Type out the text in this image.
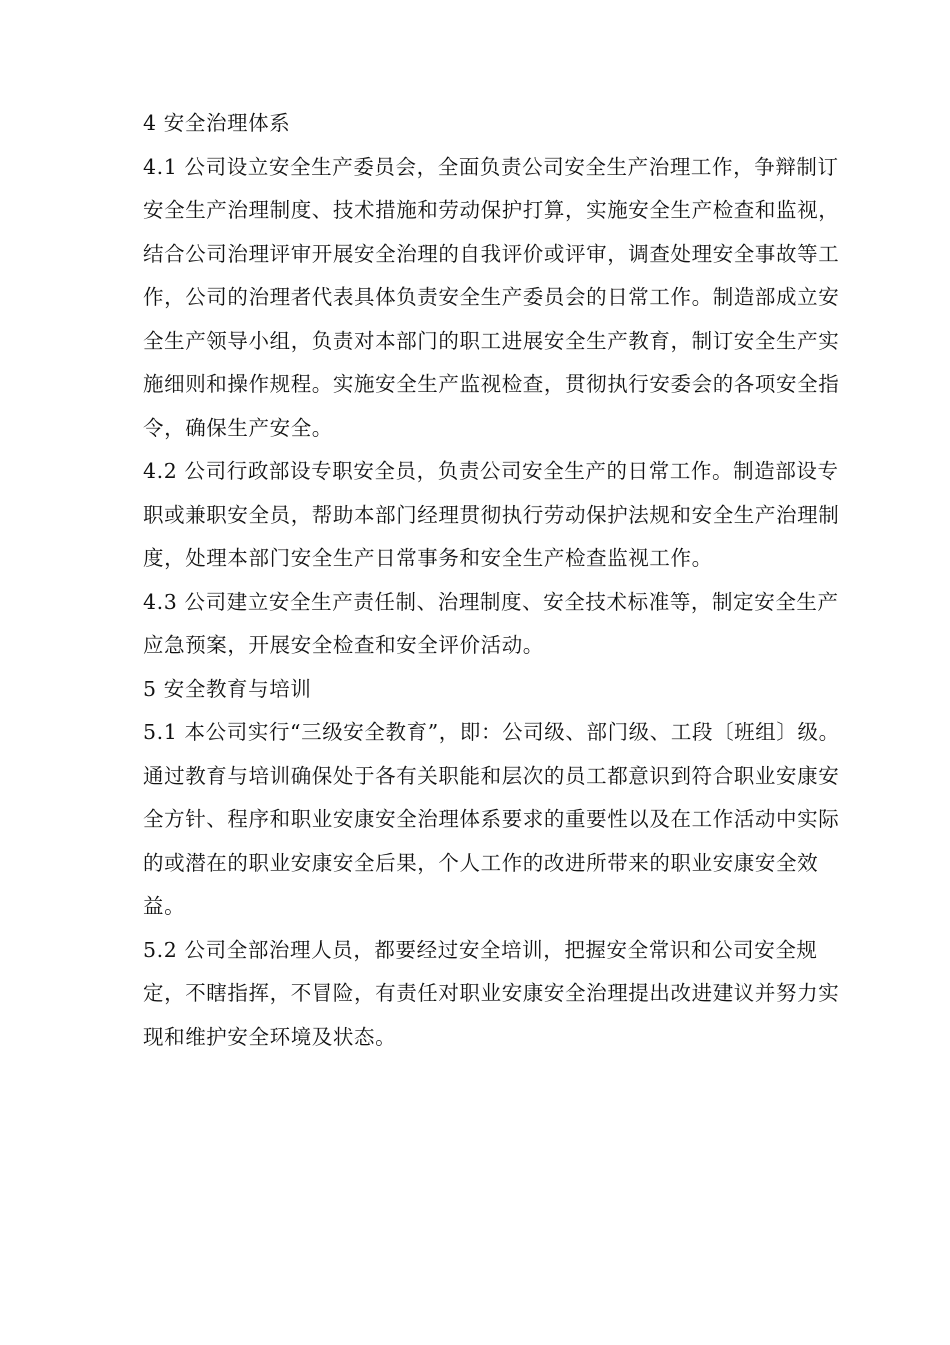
4 安全治理体系

4.1 公司设立安全生产委员会，全面负责公司安全生产治理工作，争辩制订安全生产治理制度、技术措施和劳动保护打算，实施安全生产检查和监视，结合公司治理评审开展安全治理的自我评价或评审，调查处理安全事故等工作，公司的治理者代表具体负责安全生产委员会的日常工作。制造部成立安全生产领导小组，负责对本部门的职工进展安全生产教育，制订安全生产实施细则和操作规程。实施安全生产监视检查，贯彻执行安委会的各项安全指令，确保生产安全。

4.2 公司行政部设专职安全员，负责公司安全生产的日常工作。制造部设专职或兼职安全员，帮助本部门经理贯彻执行劳动保护法规和安全生产治理制度，处理本部门安全生产日常事务和安全生产检查监视工作。

4.3 公司建立安全生产责任制、治理制度、安全技术标准等，制定安全生产应急预案，开展安全检查和安全评价活动。

5 安全教育与培训

5.1 本公司实行“三级安全教育”，即：公司级、部门级、工段〔班组〕级。通过教育与培训确保处于各有关职能和层次的员工都意识到符合职业安康安全方针、程序和职业安康安全治理体系要求的重要性以及在工作活动中实际的或潜在的职业安康安全后果，个人工作的改进所带来的职业安康安全效益。

5.2 公司全部治理人员，都要经过安全培训，把握安全常识和公司安全规定，不瞎指挥，不冒险，有责任对职业安康安全治理提出改进建议并努力实现和维护安全环境及状态。
